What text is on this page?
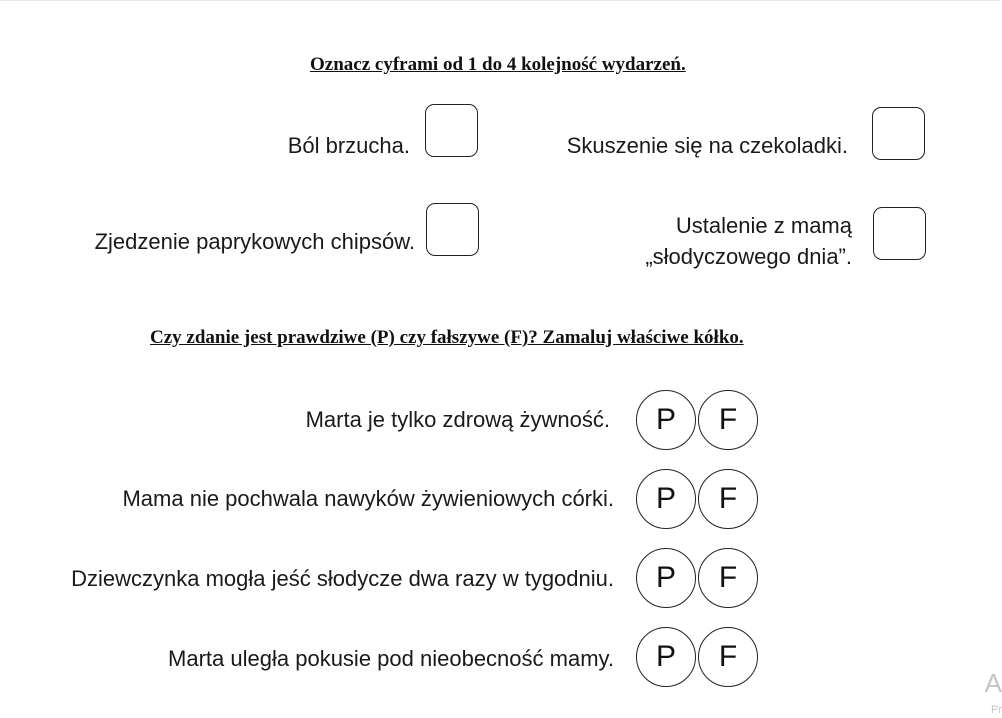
Oznacz cyframi od 1 do 4 kolejność wydarzeń.
Ból brzucha.	Skuszenie się na czekoladki.
Zjedzenie paprykowych chipsów.
Ustalenie z mamą
„słodyczowego dnia”.
Czy zdanie jest prawdziwe (P) czy fałszywe (F)? Zamaluj właściwe kółko.
Marta je tylko zdrową żywność.	P	F
Mama nie pochwala nawyków żywieniowych córki.	P	F
Dziewczynka mogła jeść słodycze dwa razy w tygodniu.	P	F
Marta uległa pokusie pod nieobecność mamy.	P	F
A
Pr
